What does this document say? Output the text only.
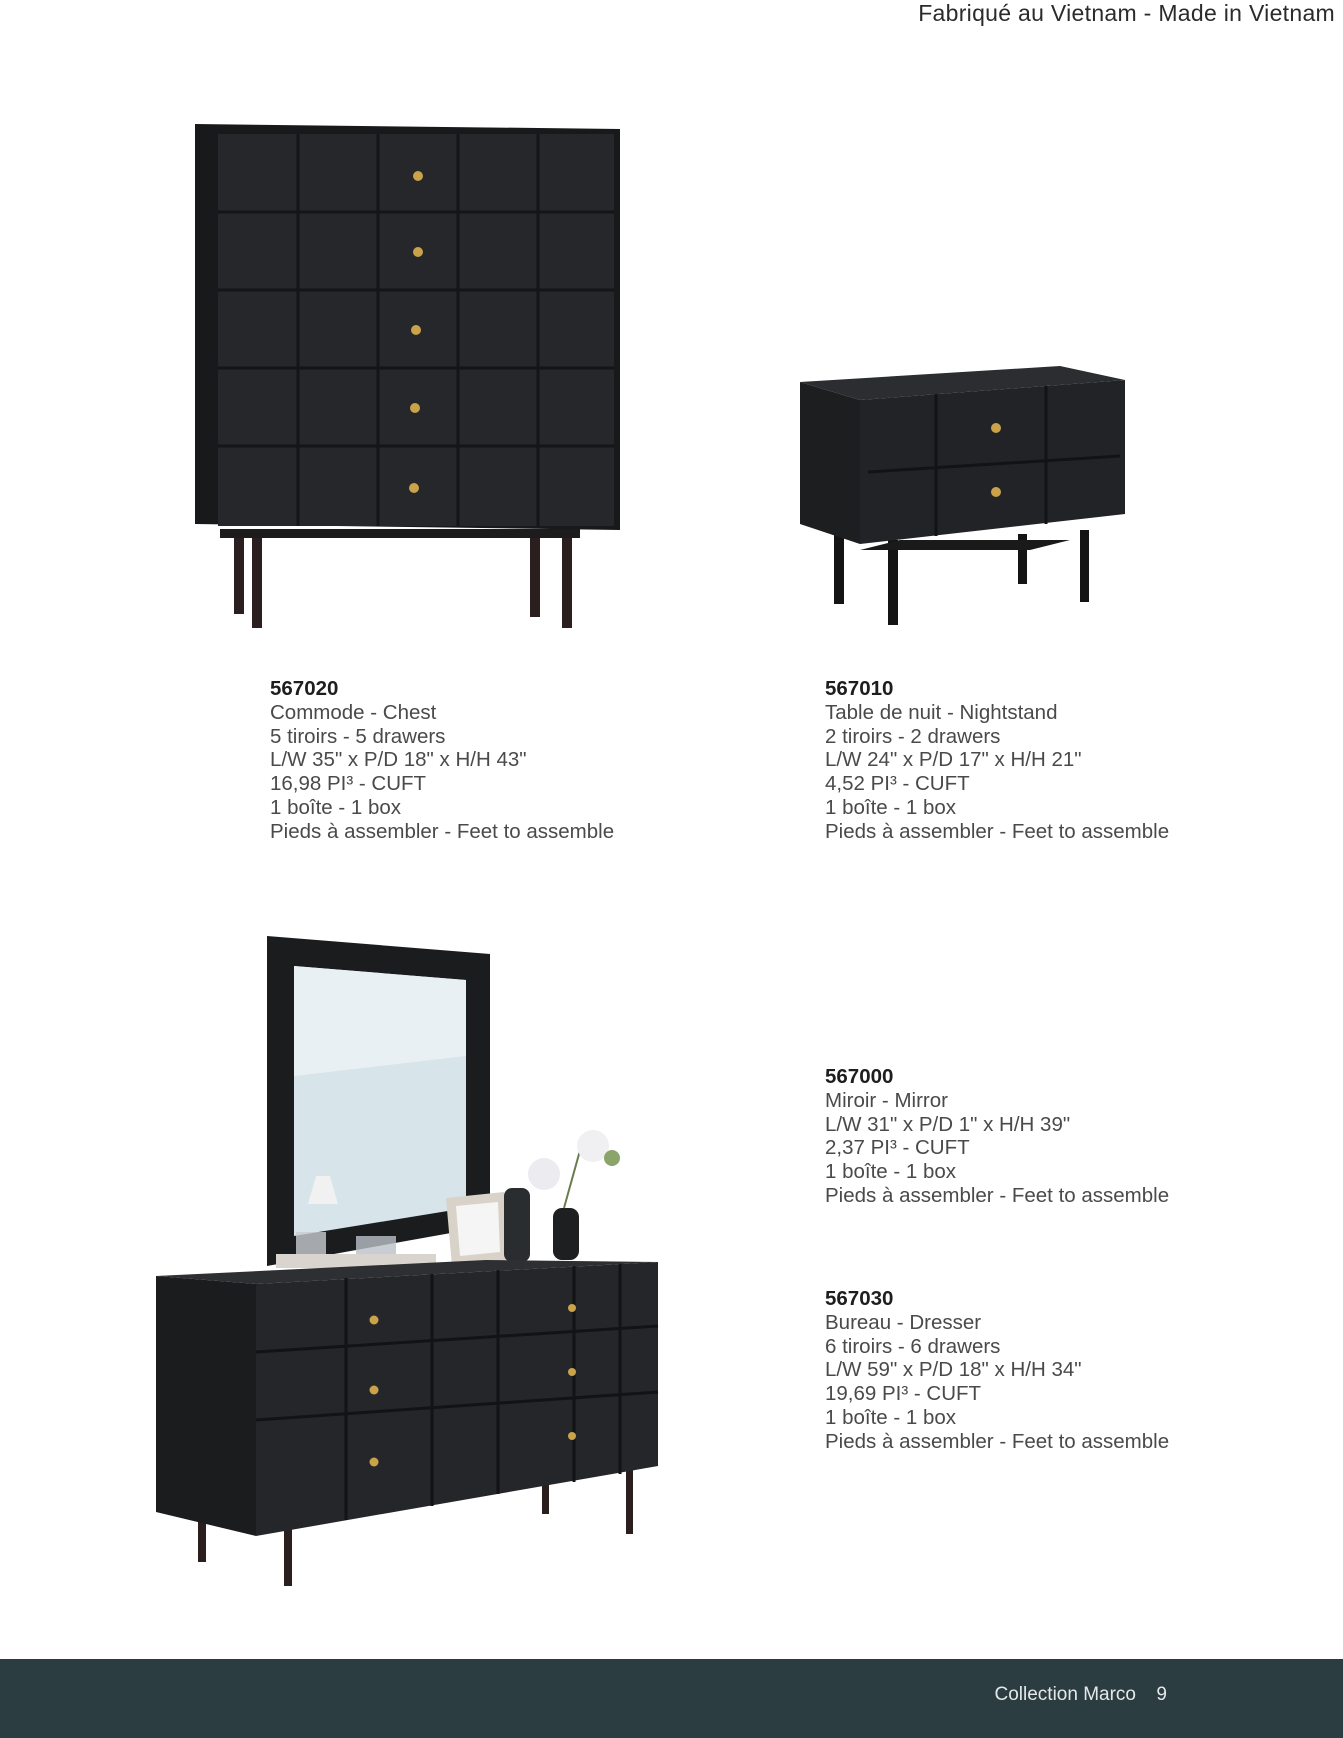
Fabriqué au Vietnam - Made in Vietnam
567020
Commode - Chest
5 tiroirs - 5 drawers
L/W 35" x P/D 18" x H/H 43"
16,98 PI³ - CUFT
1 boîte - 1 box
Pieds à assembler - Feet to assemble
567010
Table de nuit - Nightstand
2 tiroirs - 2 drawers
L/W 24" x P/D 17" x H/H 21"
4,52 PI³ - CUFT
1 boîte - 1 box
Pieds à assembler - Feet to assemble
567000
Miroir - Mirror
L/W 31" x P/D 1" x H/H 39"
2,37 PI³ - CUFT
1 boîte - 1 box
Pieds à assembler - Feet to assemble
567030
Bureau - Dresser
6 tiroirs - 6 drawers
L/W 59" x P/D 18" x H/H 34"
19,69 PI³ - CUFT
1 boîte - 1 box
Pieds à assembler - Feet to assemble
Collection Marco 9
